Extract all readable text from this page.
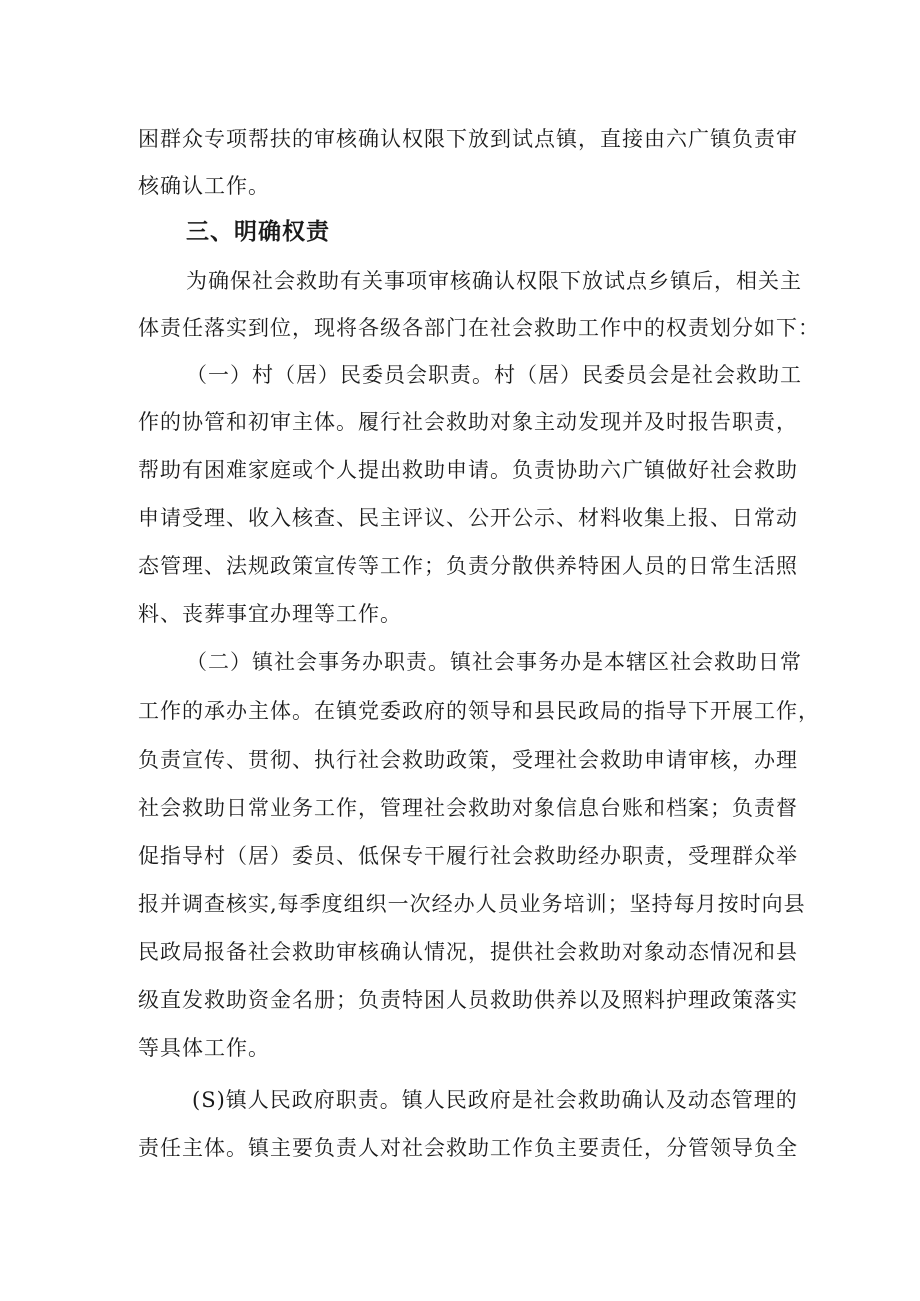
困群众专项帮扶的审核确认权限下放到试点镇，直接由六广镇负责审
核确认工作。
三、明确权责
为确保社会救助有关事项审核确认权限下放试点乡镇后，相关主
体责任落实到位，现将各级各部门在社会救助工作中的权责划分如下：
（一）村（居）民委员会职责。村（居）民委员会是社会救助工
作的协管和初审主体。履行社会救助对象主动发现并及时报告职责，
帮助有困难家庭或个人提出救助申请。负责协助六广镇做好社会救助
申请受理、收入核查、民主评议、公开公示、材料收集上报、日常动
态管理、法规政策宣传等工作；负责分散供养特困人员的日常生活照
料、丧葬事宜办理等工作。
（二）镇社会事务办职责。镇社会事务办是本辖区社会救助日常
工作的承办主体。在镇党委政府的领导和县民政局的指导下开展工作，
负责宣传、贯彻、执行社会救助政策，受理社会救助申请审核，办理
社会救助日常业务工作，管理社会救助对象信息台账和档案；负责督
促指导村（居）委员、低保专干履行社会救助经办职责，受理群众举
报并调查核实,每季度组织一次经办人员业务培训；坚持每月按时向县
民政局报备社会救助审核确认情况，提供社会救助对象动态情况和县
级直发救助资金名册；负责特困人员救助供养以及照料护理政策落实
等具体工作。
(S)镇人民政府职责。镇人民政府是社会救助确认及动态管理的
责任主体。镇主要负责人对社会救助工作负主要责任，分管领导负全
